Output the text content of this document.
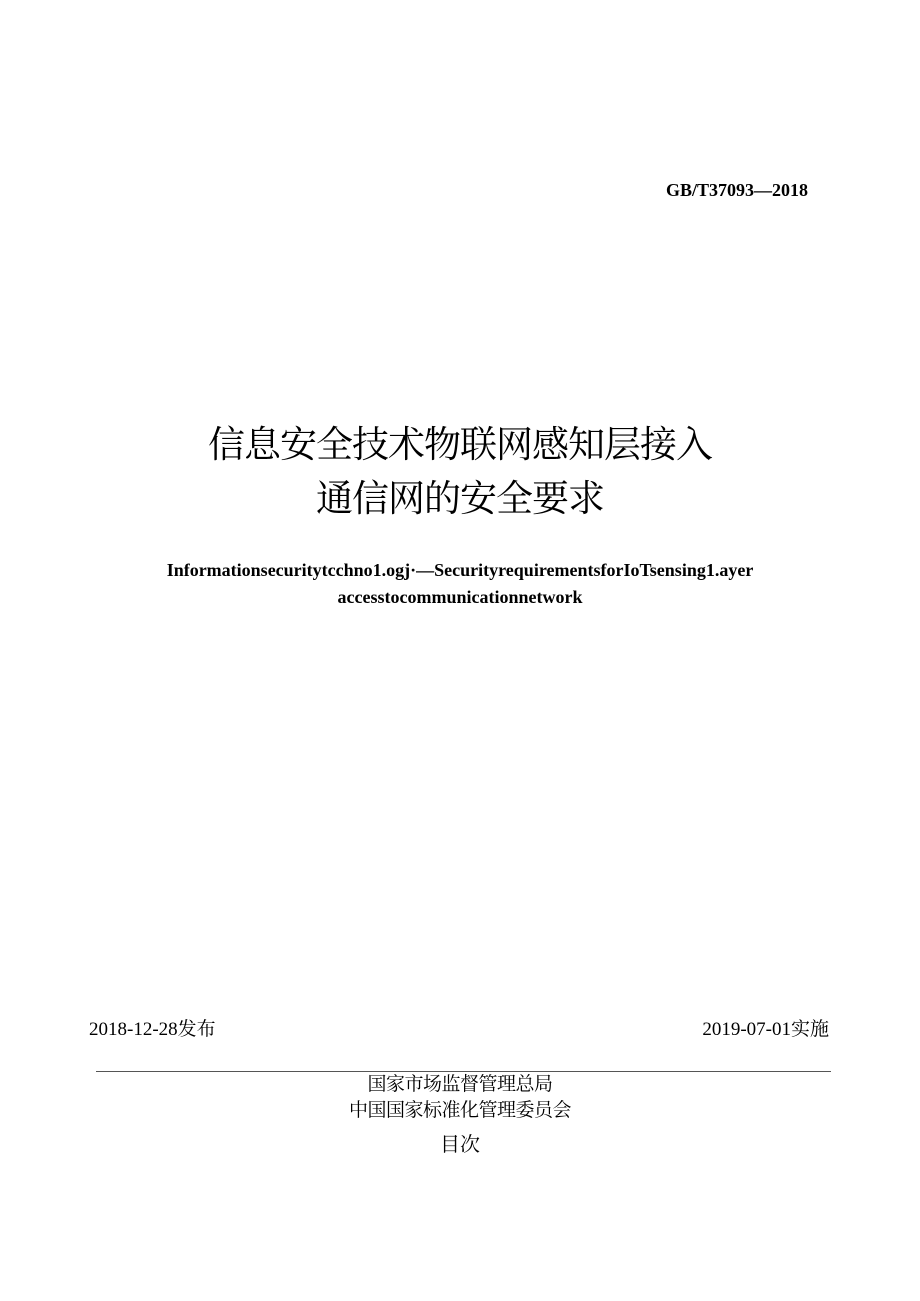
GB/T37093—2018
信息安全技术物联网感知层接入
通信网的安全要求
Informationsecuritytcchno1.ogj·—SecurityrequirementsforIoTsensing1.ayer
accesstocommunicationnetwork
2018-12-28发布	2019-07-01实施
国家市场监督管理总局
中国国家标准化管理委员会
目次
